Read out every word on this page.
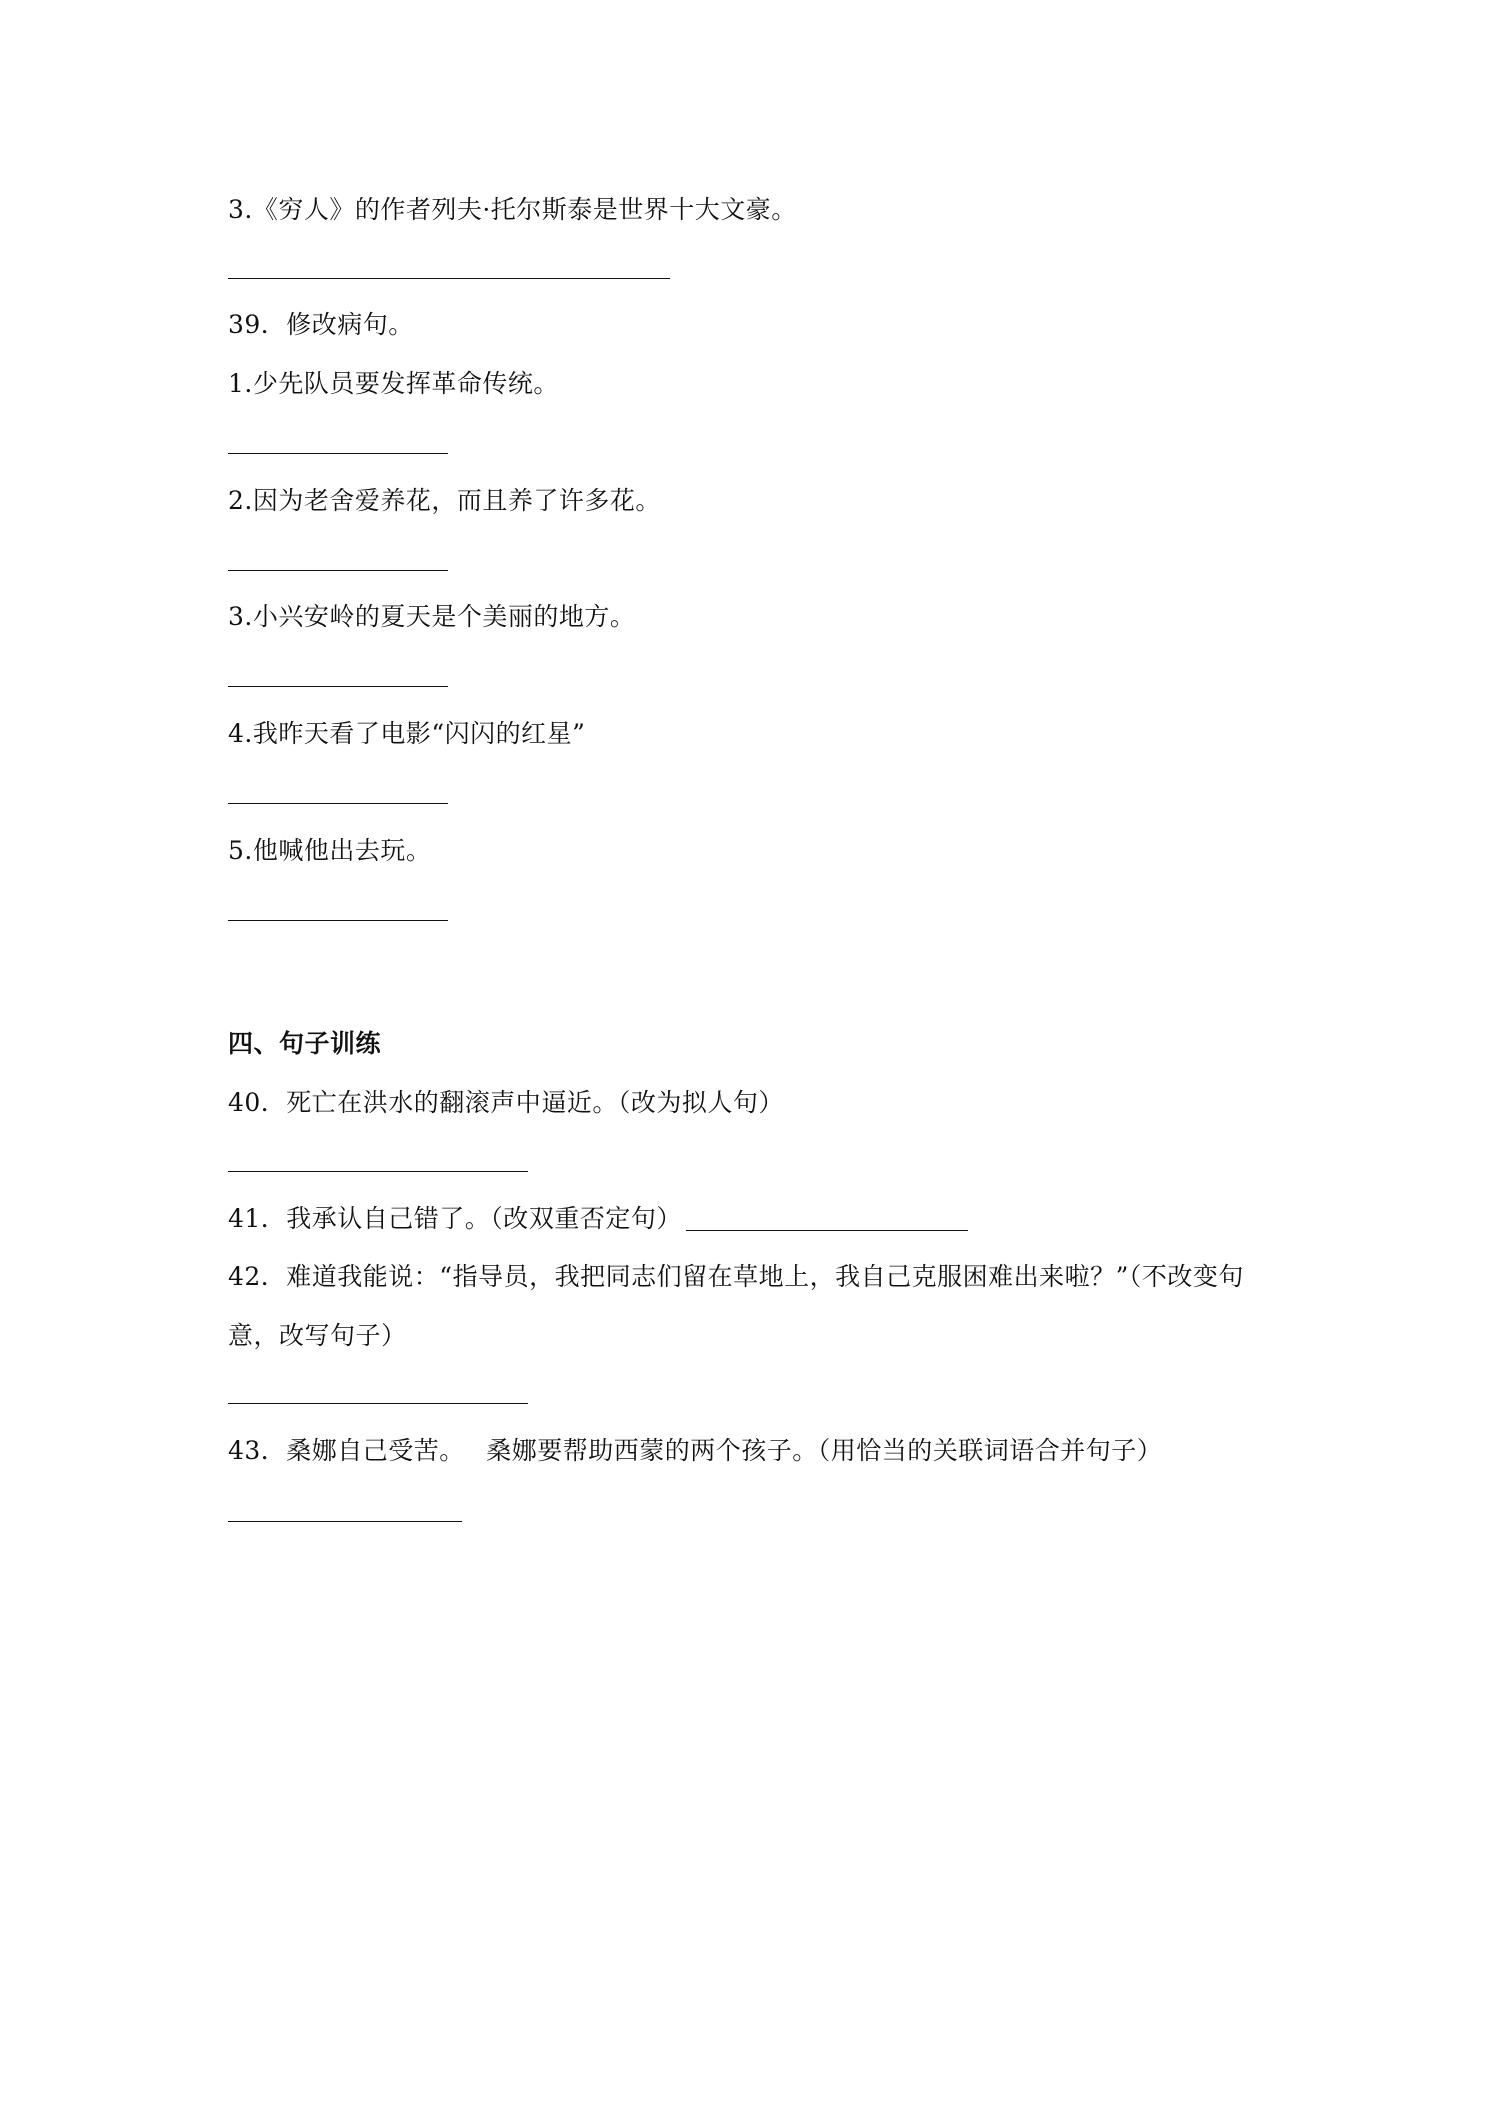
3.《穷人》的作者列夫·托尔斯泰是世界十大文豪。
39．修改病句。
1.少先队员要发挥革命传统。
2.因为老舍爱养花，而且养了许多花。
3.小兴安岭的夏天是个美丽的地方。
4.我昨天看了电影“闪闪的红星”
5.他喊他出去玩。
四、句子训练
40．死亡在洪水的翻滚声中逼近。（改为拟人句）
41．我承认自己错了。（改双重否定句）
42．难道我能说：“指导员，我把同志们留在草地上，我自己克服困难出来啦？”（不改变句
意，改写句子）
43．桑娜自己受苦。　 桑娜要帮助西蒙的两个孩子。（用恰当的关联词语合并句子）
